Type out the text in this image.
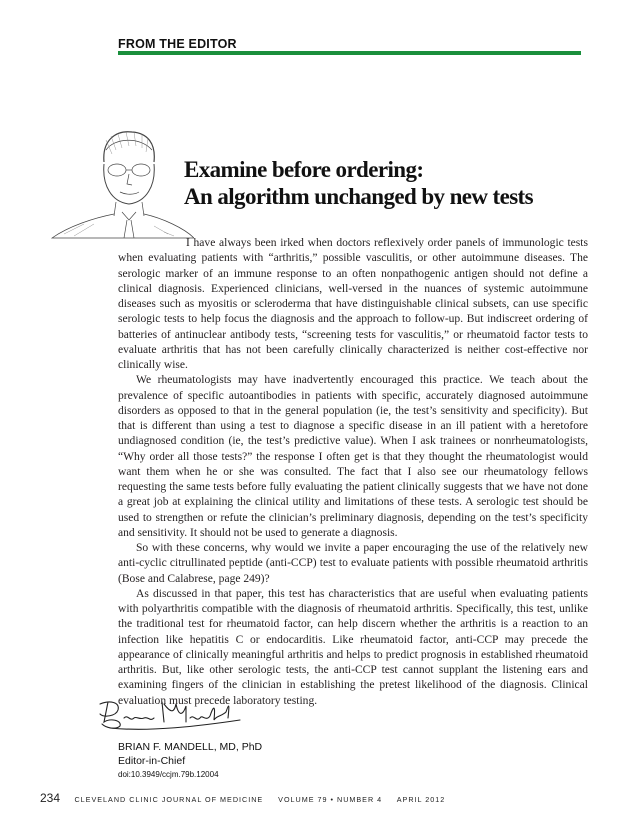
FROM THE EDITOR
Examine before ordering:
An algorithm unchanged by new tests

I have always been irked when doctors reflexively order panels of immunologic tests when evaluating patients with “arthritis,” possible vasculitis, or other autoimmune diseases. The serologic marker of an immune response to an often nonpathogenic antigen should not define a clinical diagnosis. Experienced clinicians, well-versed in the nuances of systemic autoimmune diseases such as myositis or scleroderma that have distinguishable clinical subsets, can use specific serologic tests to help focus the diagnosis and the approach to follow-up. But indiscreet ordering of batteries of antinuclear antibody tests, “screening tests for vasculitis,” or rheumatoid factor tests to evaluate arthritis that has not been carefully clinically characterized is neither cost-effective nor clinically wise.

We rheumatologists may have inadvertently encouraged this practice. We teach about the prevalence of specific autoantibodies in patients with specific, accurately diagnosed autoimmune disorders as opposed to that in the general population (ie, the test’s sensitivity and specificity). But that is different than using a test to diagnose a specific disease in an ill patient with a heretofore undiagnosed condition (ie, the test’s predictive value). When I ask trainees or nonrheumatologists, “Why order all those tests?” the response I often get is that they thought the rheumatologist would want them when he or she was consulted. The fact that I also see our rheumatology fellows requesting the same tests before fully evaluating the patient clinically suggests that we have not done a great job at explaining the clinical utility and limitations of these tests. A serologic test should be used to strengthen or refute the clinician’s preliminary diagnosis, depending on the test’s specificity and sensitivity. It should not be used to generate a diagnosis.

So with these concerns, why would we invite a paper encouraging the use of the relatively new anti-cyclic citrullinated peptide (anti-CCP) test to evaluate patients with possible rheumatoid arthritis (Bose and Calabrese, page 249)?

As discussed in that paper, this test has characteristics that are useful when evaluating patients with polyarthritis compatible with the diagnosis of rheumatoid arthritis. Specifically, this test, unlike the traditional test for rheumatoid factor, can help discern whether the arthritis is a reaction to an infection like hepatitis C or endocarditis. Like rheumatoid factor, anti-CCP may precede the appearance of clinically meaningful arthritis and helps to predict prognosis in established rheumatoid arthritis. But, like other serologic tests, the anti-CCP test cannot supplant the listening ears and examining fingers of the clinician in establishing the pretest likelihood of the diagnosis. Clinical evaluation must precede laboratory testing.

BRIAN F. MANDELL, MD, PhD
Editor-in-Chief
doi:10.3949/ccjm.79b.12004
234 CLEVELAND CLINIC JOURNAL OF MEDICINE     VOLUME 79 • NUMBER 4     APRIL 2012
